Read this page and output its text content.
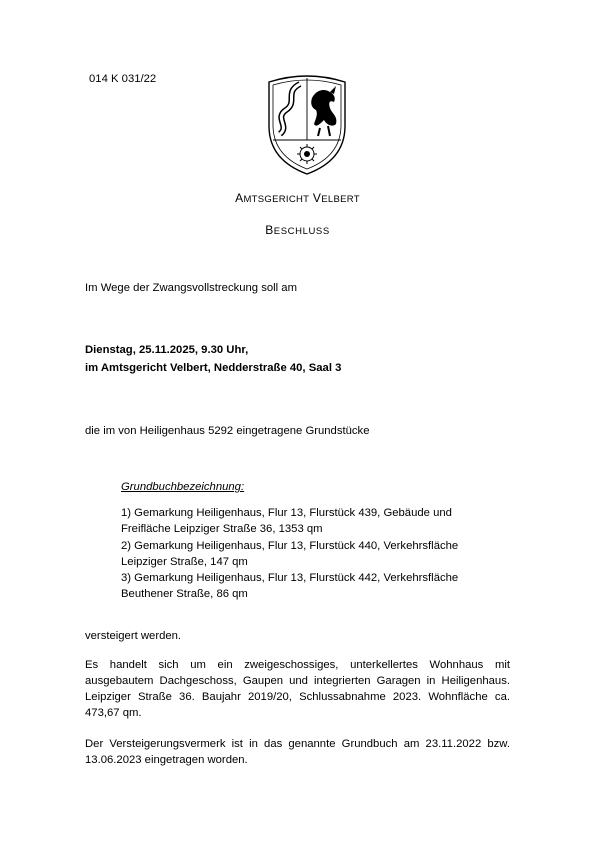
014 K 031/22
AMTSGERICHT VELBERT
BESCHLUSS
Im Wege der Zwangsvollstreckung soll am
Dienstag, 25.11.2025, 9.30 Uhr,
im Amtsgericht Velbert, Nedderstraße 40, Saal 3
die im von Heiligenhaus 5292 eingetragene Grundstücke
Grundbuchbezeichnung:
1) Gemarkung Heiligenhaus, Flur 13, Flurstück 439, Gebäude und
Freifläche Leipziger Straße 36, 1353 qm
2) Gemarkung Heiligenhaus, Flur 13, Flurstück 440, Verkehrsfläche
Leipziger Straße, 147 qm
3) Gemarkung Heiligenhaus, Flur 13, Flurstück 442, Verkehrsfläche
Beuthener Straße, 86 qm
versteigert werden.
Es handelt sich um ein zweigeschossiges, unterkellertes Wohnhaus mit ausgebautem Dachgeschoss, Gaupen und integrierten Garagen in Heiligenhaus. Leipziger Straße 36. Baujahr 2019/20, Schlussabnahme 2023. Wohnfläche ca. 473,67 qm.
Der Versteigerungsvermerk ist in das genannte Grundbuch am 23.11.2022 bzw. 13.06.2023 eingetragen worden.
